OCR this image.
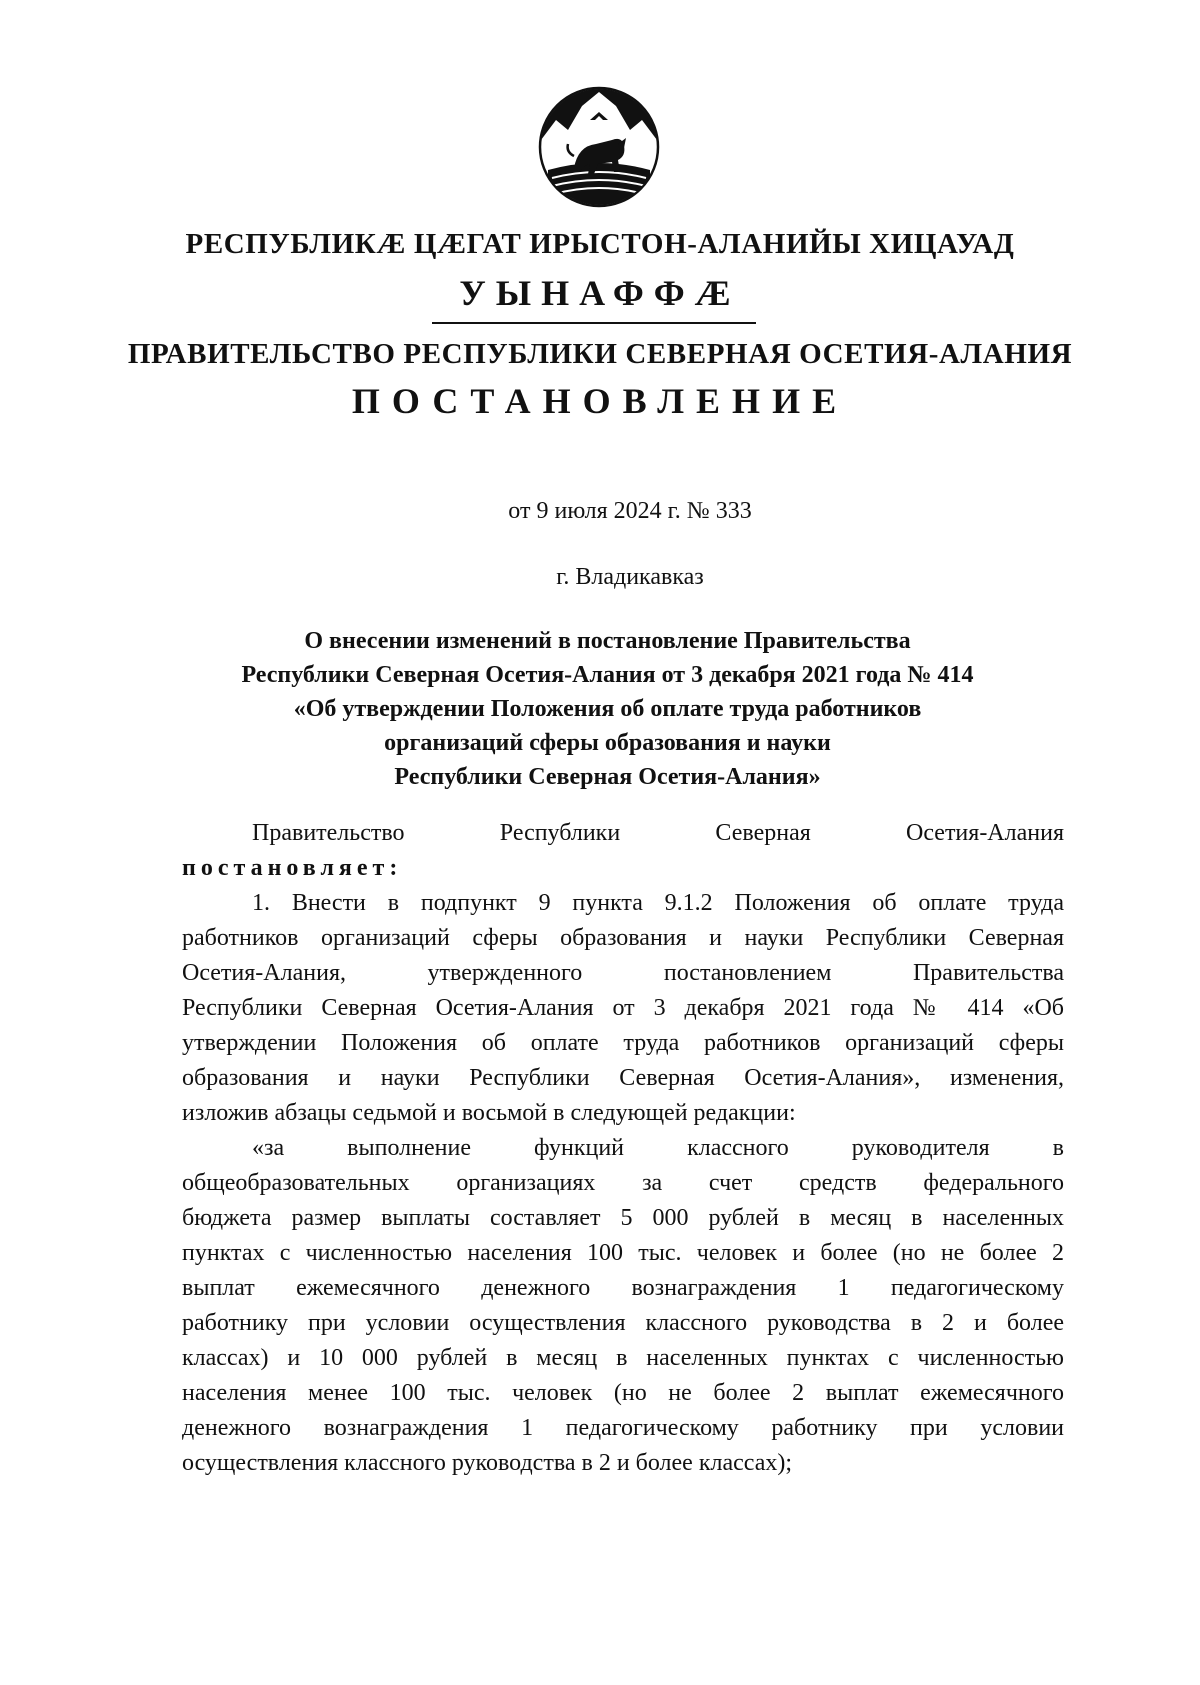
РЕСПУБЛИКÆ ЦÆГАТ ИРЫСТОН-АЛАНИЙЫ ХИЦАУАД
УЫНАФФÆ
ПРАВИТЕЛЬСТВО РЕСПУБЛИКИ СЕВЕРНАЯ ОСЕТИЯ-АЛАНИЯ
ПОСТАНОВЛЕНИЕ
от 9 июля 2024 г. № 333
г. Владикавказ
О внесении изменений в постановление Правительства
Республики Северная Осетия-Алания от 3 декабря 2021 года № 414
«Об утверждении Положения об оплате труда работников
организаций сферы образования и науки
Республики Северная Осетия-Алания»
Правительство Республики Северная Осетия-Алания
постановляет:
1. Внести в подпункт 9 пункта 9.1.2 Положения об оплате труда
работников организаций сферы образования и науки Республики Северная
Осетия-Алания, утвержденного постановлением Правительства
Республики Северная Осетия-Алания от 3 декабря 2021 года № 414 «Об
утверждении Положения об оплате труда работников организаций сферы
образования и науки Республики Северная Осетия-Алания», изменения,
изложив абзацы седьмой и восьмой в следующей редакции:
«за выполнение функций классного руководителя в
общеобразовательных организациях за счет средств федерального
бюджета размер выплаты составляет 5 000 рублей в месяц в населенных
пунктах с численностью населения 100 тыс. человек и более (но не более 2
выплат ежемесячного денежного вознаграждения 1 педагогическому
работнику при условии осуществления классного руководства в 2 и более
классах) и 10 000 рублей в месяц в населенных пунктах с численностью
населения менее 100 тыс. человек (но не более 2 выплат ежемесячного
денежного вознаграждения 1 педагогическому работнику при условии
осуществления классного руководства в 2 и более классах);
